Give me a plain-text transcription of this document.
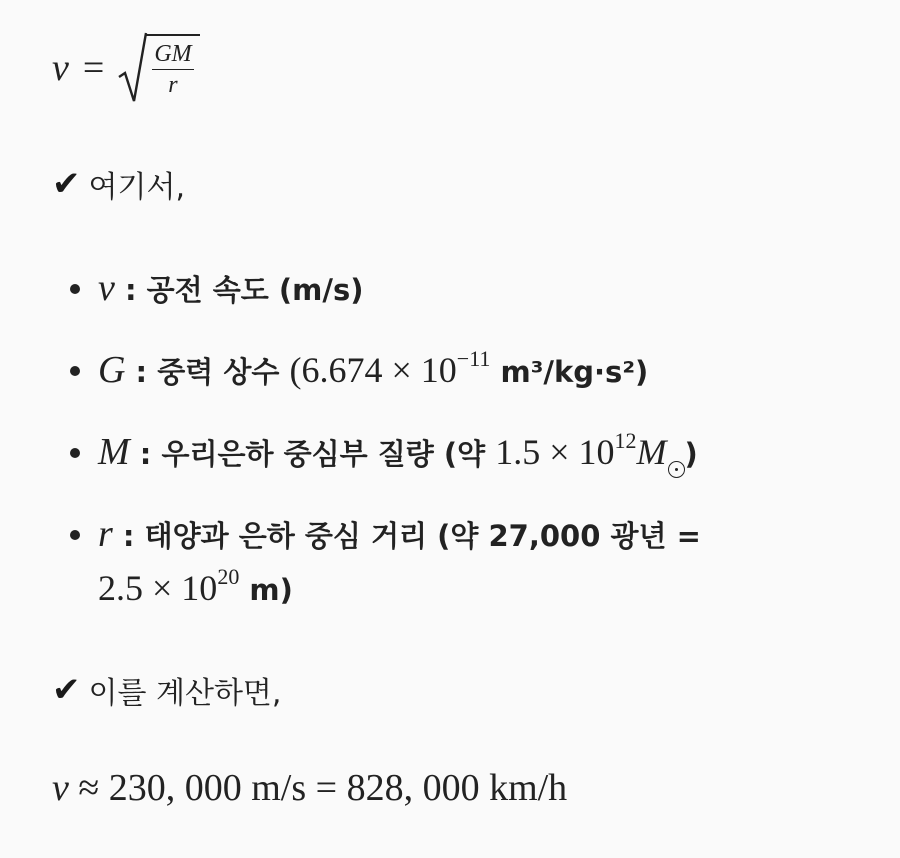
$v = \frac{GM}{r}$
✔ 여기서,
v : 공전 속도 (m/s)
G : 중력 상수 ($6.674 \times 10^{-11}$ m³/kg·s²)
M : 우리은하 중심부 질량 (약 $1.5 \times 10^{12}M$ )
r : 태양과 은하 중심 거리 (약 27,000 광년 =
$2.5 \times 10^{20}$ m)
✔ 이를 계산하면,
v ≈ 230, 000 m/s = 828, 000 km/h
